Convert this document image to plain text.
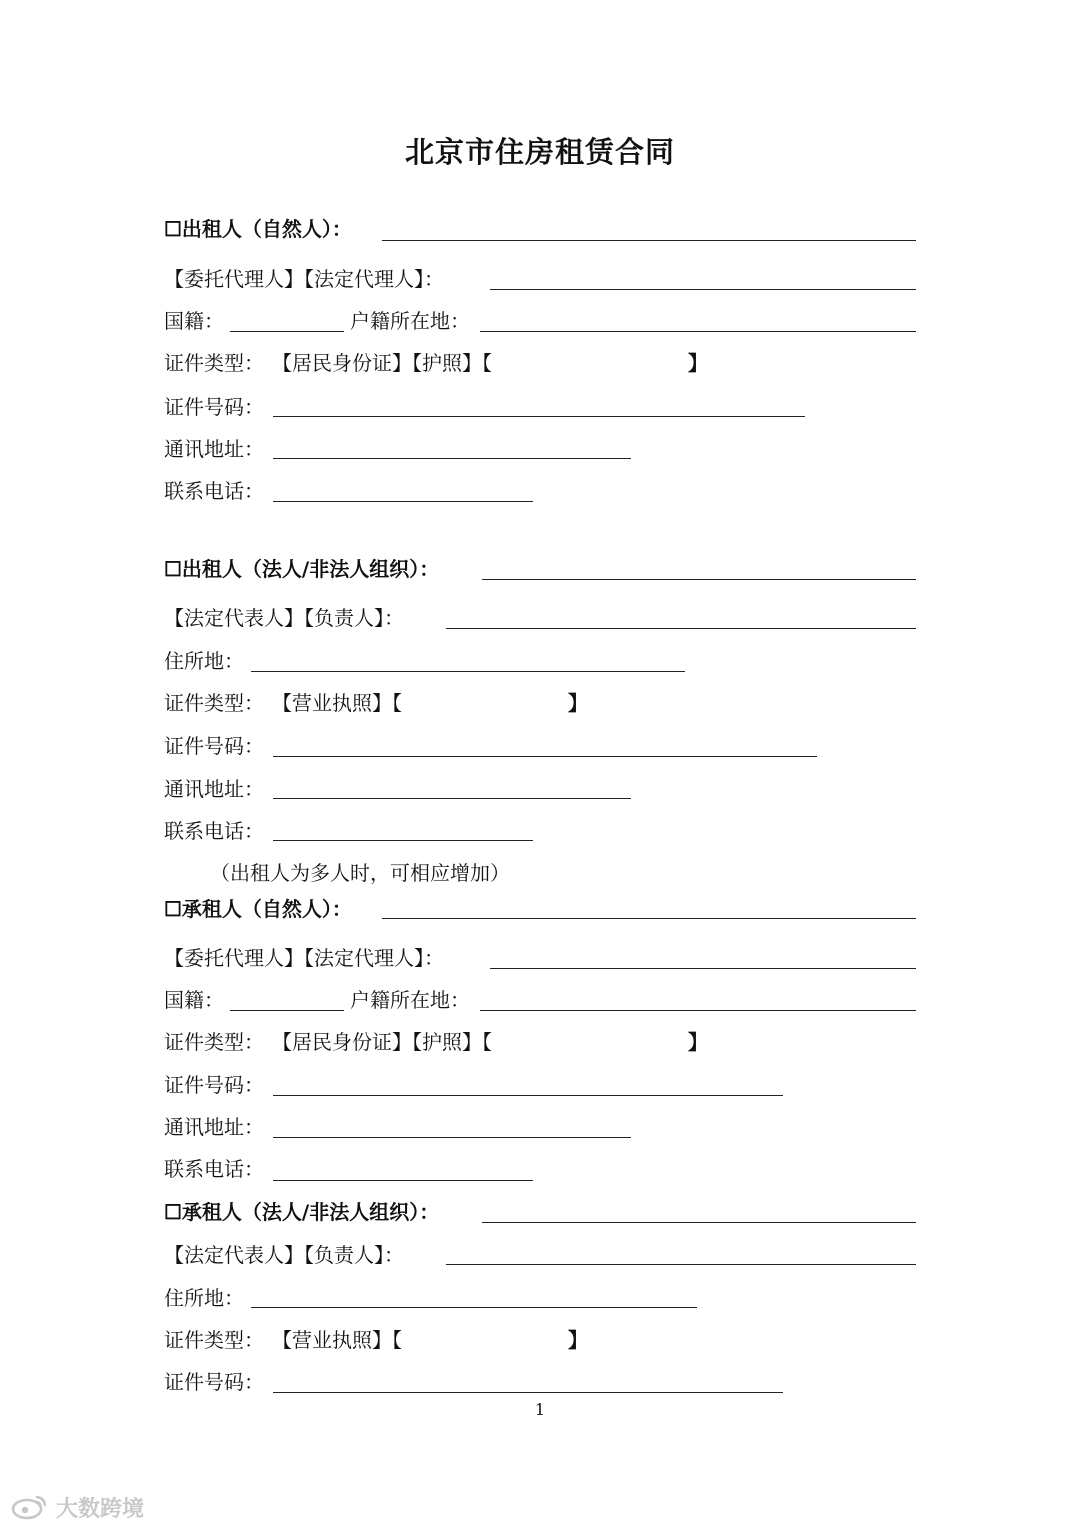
北京市住房租赁合同
☐出租人（自然人）：
【委托代理人】【法定代理人】：
国籍：	户籍所在地：
证件类型： 【居民身份证】【护照】【	】
证件号码：
通讯地址：
联系电话：
☐出租人（法人/非法人组织）：
【法定代表人】【负责人】：
住所地：
证件类型： 【营业执照】【	】
证件号码：
通讯地址：
联系电话：
（出租人为多人时，可相应增加）
☐承租人（自然人）：
【委托代理人】【法定代理人】：
国籍：	户籍所在地：
证件类型： 【居民身份证】【护照】【	】
证件号码：
通讯地址：
联系电话：
☐承租人（法人/非法人组织）：
【法定代表人】【负责人】：
住所地：
证件类型： 【营业执照】【	】
证件号码：
1
大数跨境
